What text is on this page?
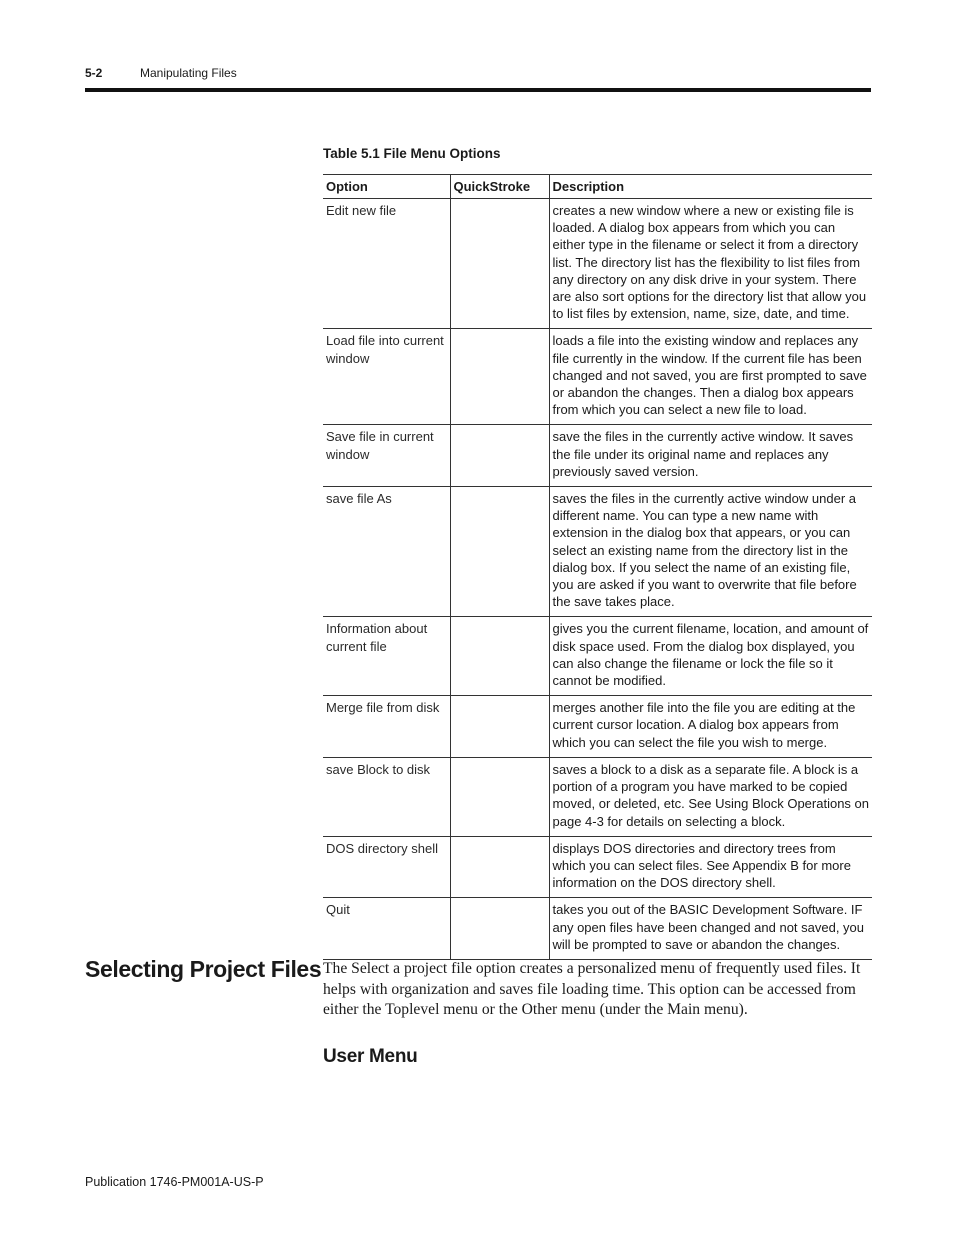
5-2	Manipulating Files
Table 5.1 File Menu Options
Option	QuickStroke	Description
Edit new file		creates a new window where a new or existing file is loaded. A dialog box appears from which you can either type in the filename or select it from a directory list. The directory list has the flexibility to list files from any directory on any disk drive in your system. There are also sort options for the directory list that allow you to list files by extension, name, size, date, and time.
Load file into current window		loads a file into the existing window and replaces any file currently in the window. If the current file has been changed and not saved, you are first prompted to save or abandon the changes. Then a dialog box appears from which you can select a new file to load.
Save file in current window		save the files in the currently active window. It saves the file under its original name and replaces any previously saved version.
save file As		saves the files in the currently active window under a different name. You can type a new name with extension in the dialog box that appears, or you can select an existing name from the directory list in the dialog box. If you select the name of an existing file, you are asked if you want to overwrite that file before the save takes place.
Information about current file		gives you the current filename, location, and amount of disk space used. From the dialog box displayed, you can also change the filename or lock the file so it cannot be modified.
Merge file from disk		merges another file into the file you are editing at the current cursor location. A dialog box appears from which you can select the file you wish to merge.
save Block to disk		saves a block to a disk as a separate file. A block is a portion of a program you have marked to be copied moved, or deleted, etc. See Using Block Operations on page 4-3 for details on selecting a block.
DOS directory shell		displays DOS directories and directory trees from which you can select files. See Appendix B for more information on the DOS directory shell.
Quit		takes you out of the BASIC Development Software. IF any open files have been changed and not saved, you will be prompted to save or abandon the changes.
Selecting Project Files The Select a project file option creates a personalized menu of frequently used files. It helps with organization and saves file loading time. This option can be accessed from either the Toplevel menu or the Other menu (under the Main menu).
User Menu
Publication 1746-PM001A-US-P
